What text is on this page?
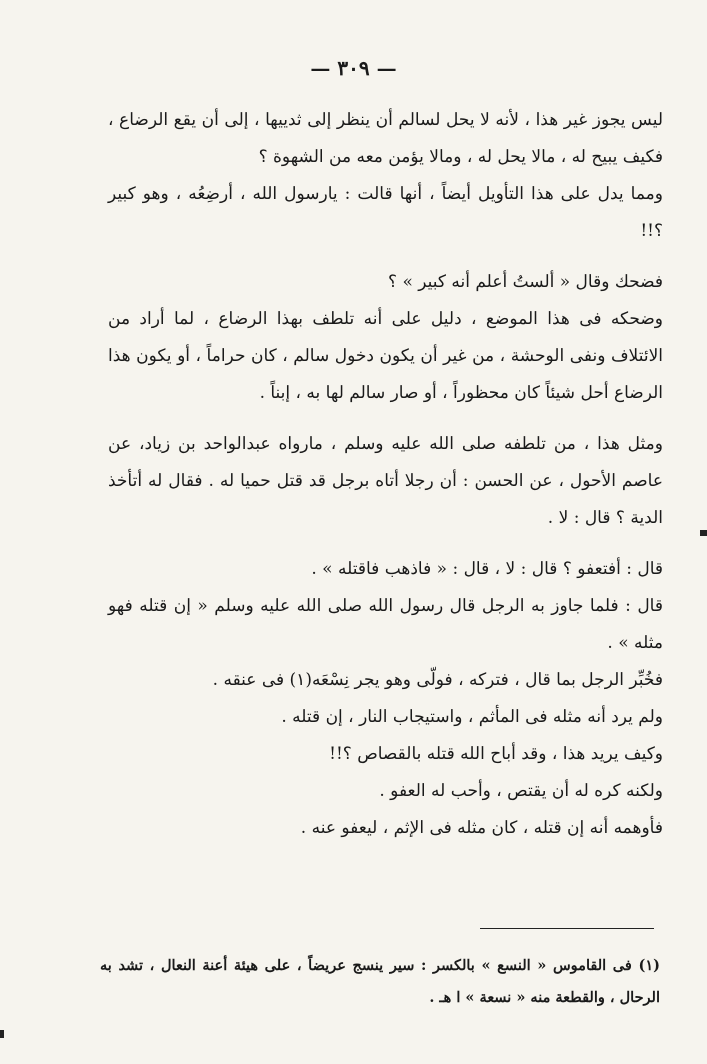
— ٣٠٩ —

ليس يجوز غير هذا ، لأنه لا يحل لسالم أن ينظر إلى ثدييها ، إلى أن يقع الرضاع ، فكيف يبيح له ، مالا يحل له ، ومالا يؤمن معه من الشهوة ؟

ومما يدل على هذا التأويل أيضاً ، أنها قالت : يارسول الله ، أرضِعُه ، وهو كبير ؟!!

فضحك وقال « ألستُ أعلم أنه كبير » ؟

وضحكه فى هذا الموضع ، دليل على أنه تلطف بهذا الرضاع ، لما أراد من الائتلاف ونفى الوحشة ، من غير أن يكون دخول سالم ، كان حراماً ، أو يكون هذا الرضاع أحل شيئاً كان محظوراً ، أو صار سالم لها به ، إبناً .

ومثل هذا ، من تلطفه صلى الله عليه وسلم ، مارواه عبدالواحد بن زياد، عن عاصم الأحول ، عن الحسن : أن رجلا أتاه برجل قد قتل حميا له . فقال له أتأخذ الدية ؟ قال : لا .

قال : أفتعفو ؟ قال : لا ، قال : « فاذهب فاقتله » .

قال : فلما جاوز به الرجل قال رسول الله صلى الله عليه وسلم « إن قتله فهو مثله » .

فخُبِّر الرجل بما قال ، فتركه ، فولّى وهو يجر نِسْعَه(١) فى عنقه .

ولم يرد أنه مثله فى المأثم ، واستيجاب النار ، إن قتله .

وكيف يريد هذا ، وقد أباح الله قتله بالقصاص ؟!!

ولكنه كره له أن يقتص ، وأحب له العفو .

فأوهمه أنه إن قتله ، كان مثله فى الإثم ، ليعفو عنه .

(١) فى القاموس « النسع » بالكسر : سير ينسج عريضاً ، على هيئة أعنة النعال ، تشد به الرحال ، والقطعة منه « نسعة » ا هـ .
